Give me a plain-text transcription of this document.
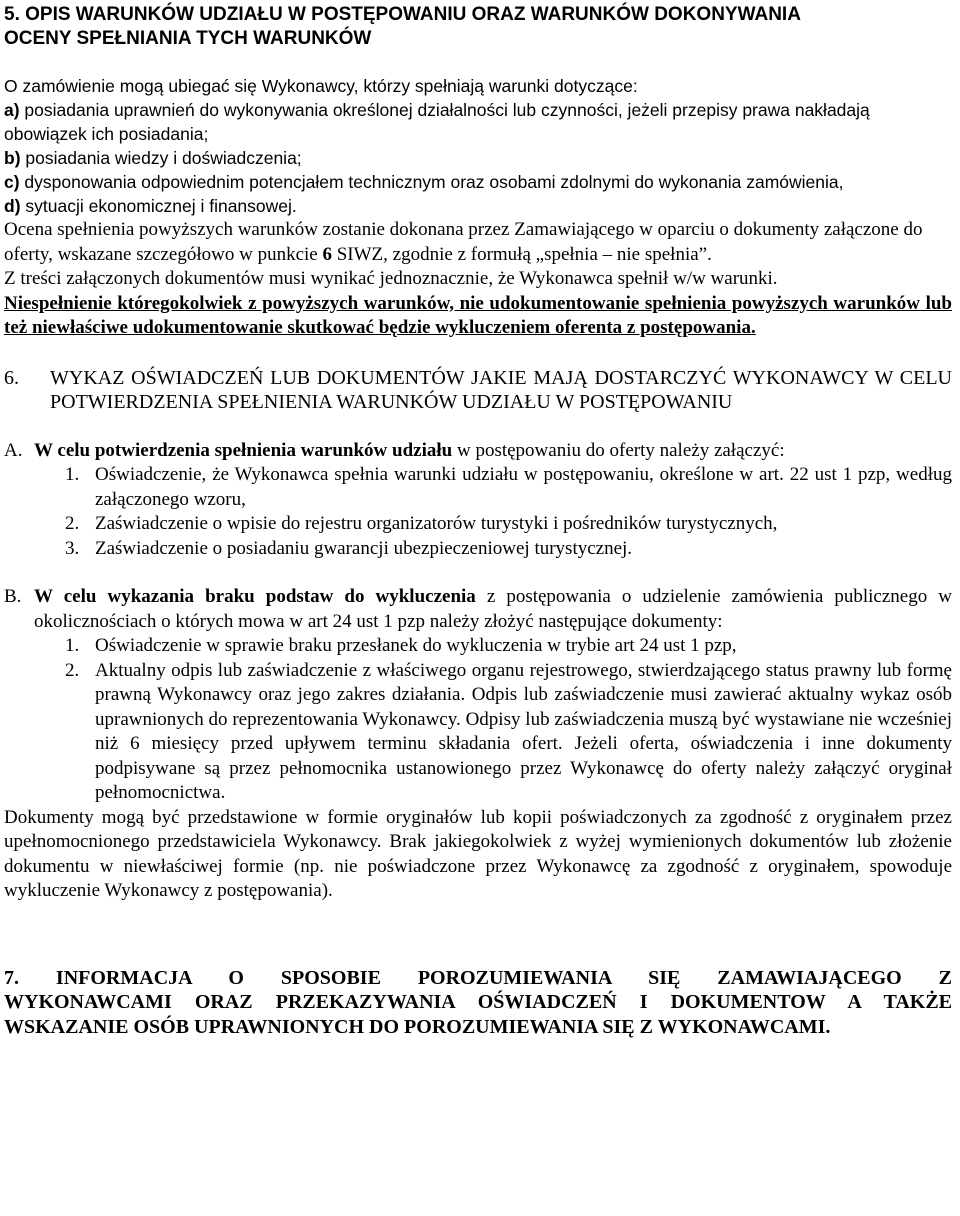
5. OPIS WARUNKÓW UDZIAŁU W POSTĘPOWANIU ORAZ WARUNKÓW DOKONYWANIA

OCENY SPEŁNIANIA TYCH WARUNKÓW

O zamówienie mogą ubiegać się Wykonawcy, którzy spełniają warunki dotyczące:

a) posiadania uprawnień do wykonywania określonej działalności lub czynności, jeżeli przepisy prawa nakładają obowiązek ich posiadania;

b) posiadania wiedzy i doświadczenia;

c) dysponowania odpowiednim potencjałem technicznym oraz osobami zdolnymi do wykonania zamówienia,

d) sytuacji ekonomicznej i finansowej.

Ocena spełnienia powyższych warunków zostanie dokonana przez Zamawiającego w oparciu o dokumenty załączone do oferty, wskazane szczegółowo w punkcie 6 SIWZ, zgodnie z formułą „spełnia – nie spełnia”.

Z treści załączonych dokumentów musi wynikać jednoznacznie, że Wykonawca spełnił w/w warunki.

Niespełnienie któregokolwiek z powyższych warunków, nie udokumentowanie spełnienia powyższych warunków lub też niewłaściwe udokumentowanie skutkować będzie wykluczeniem oferenta z postępowania.

6.	WYKAZ OŚWIADCZEŃ LUB DOKUMENTÓW JAKIE MAJĄ DOSTARCZYĆ WYKONAWCY W CELU POTWIERDZENIA SPEŁNIENIA WARUNKÓW UDZIAŁU W POSTĘPOWANIU
A. W celu potwierdzenia spełnienia warunków udziału w postępowaniu do oferty należy załączyć:

1. Oświadczenie, że Wykonawca spełnia warunki udziału w postępowaniu, określone w art. 22 ust 1 pzp, według załączonego wzoru,
2. Zaświadczenie o wpisie do rejestru organizatorów turystyki i pośredników turystycznych,
3. Zaświadczenie o posiadaniu gwarancji ubezpieczeniowej turystycznej.
B. W celu wykazania braku podstaw do wykluczenia z postępowania o udzielenie zamówienia publicznego w okolicznościach o których mowa w art 24 ust 1 pzp należy złożyć następujące dokumenty:

1. Oświadczenie w sprawie braku przesłanek do wykluczenia w trybie art 24 ust 1 pzp,
2. Aktualny odpis lub zaświadczenie z właściwego organu rejestrowego, stwierdzającego status prawny lub formę prawną Wykonawcy oraz jego zakres działania. Odpis lub zaświadczenie musi zawierać aktualny wykaz osób uprawnionych do reprezentowania Wykonawcy. Odpisy lub zaświadczenia muszą być wystawiane nie wcześniej niż 6 miesięcy przed upływem terminu składania ofert. Jeżeli oferta, oświadczenia i inne dokumenty podpisywane są przez pełnomocnika ustanowionego przez Wykonawcę do oferty należy załączyć oryginał pełnomocnictwa.

Dokumenty mogą być przedstawione w formie oryginałów lub kopii poświadczonych za zgodność z oryginałem przez upełnomocnionego przedstawiciela Wykonawcy. Brak jakiegokolwiek z wyżej wymienionych dokumentów lub złożenie dokumentu w niewłaściwej formie (np. nie poświadczone przez Wykonawcę za zgodność z oryginałem, spowoduje wykluczenie Wykonawcy z postępowania).

7. INFORMACJA O SPOSOBIE POROZUMIEWANIA SIĘ ZAMAWIAJĄCEGO Z

WYKONAWCAMI ORAZ PRZEKAZYWANIA OŚWIADCZEŃ I DOKUMENTOW A TAKŻE

WSKAZANIE OSÓB UPRAWNIONYCH DO POROZUMIEWANIA SIĘ Z WYKONAWCAMI.
